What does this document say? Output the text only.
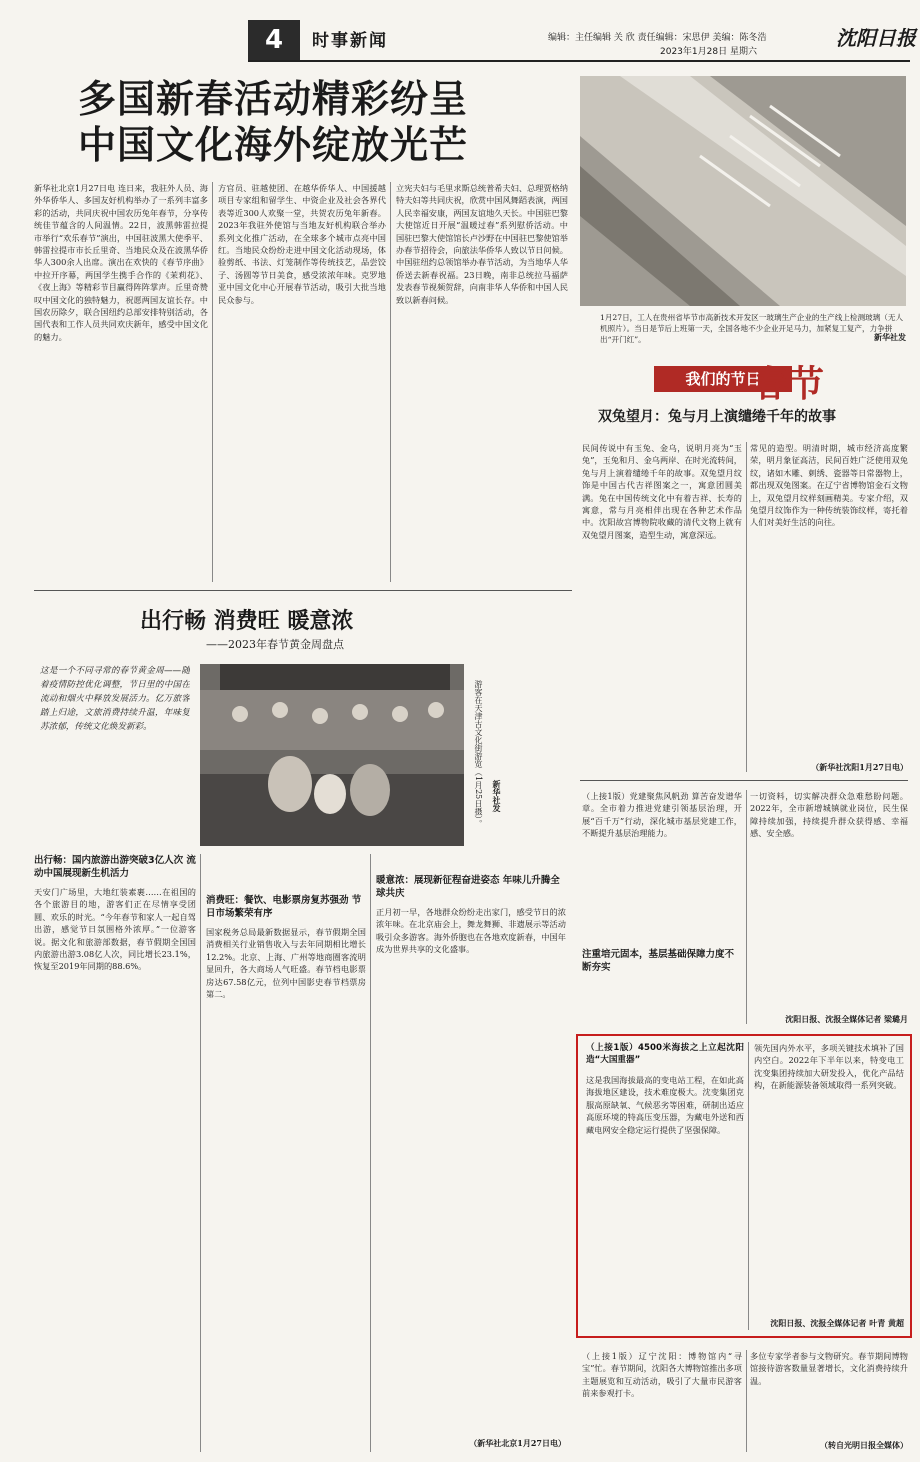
4	时事新闻	编辑：主任编辑 关 欣 责任编辑：宋思伊 美编：陈冬浩
2023年1月28日 星期六
沈阳日报
多国新春活动精彩纷呈
中国文化海外绽放光芒
新华社北京1月27日电 连日来，我驻外人员、海外华侨华人、多国友好机构举办了一系列丰富多彩的活动，共同庆祝中国农历兔年春节，分享传统佳节蕴含的人间温情。22日，波黑韩雷拉提市举行“欢乐春节”演出，中国驻波黑大使季平、韩雷拉提市市长丘里奇、当地民众及在波黑华侨华人300余人出席。演出在欢快的《春节序曲》中拉开序幕，两国学生携手合作的《茉莉花》、《夜上海》等精彩节目赢得阵阵掌声。丘里奇赞叹中国文化的独特魅力，祝愿两国友谊长存。中国农历除夕，联合国纽约总部安排特别活动，各国代表和工作人员共同欢庆新年，感受中国文化的魅力。
方官员、驻越使团、在越华侨华人、中国援越项目专家组和留学生、中资企业及社会各界代表等近300人欢聚一堂，共贺农历兔年新春。2023年我驻外使馆与当地友好机构联合举办系列文化推广活动，在全球多个城市点亮中国红。当地民众纷纷走进中国文化活动现场，体验剪纸、书法、灯笼制作等传统技艺，品尝饺子、汤圆等节日美食，感受浓浓年味。克罗地亚中国文化中心开展春节活动，吸引大批当地民众参与。
立宪夫妇与毛里求斯总统普希夫妇、总理贾格纳特夫妇等共同庆祝，欣赏中国风舞蹈表演，两国人民幸福安康，两国友谊地久天长。中国驻巴黎大使馆近日开展“温暖过春”系列慰侨活动。中国驻巴黎大使馆馆长卢沙野在中国驻巴黎使馆举办春节招待会，向旅法华侨华人致以节日问候。中国驻纽约总领馆举办春节活动，为当地华人华侨送去新春祝福。23日晚，南非总统拉马福萨发表春节视频贺辞，向南非华人华侨和中国人民致以新春问候。
1月27日，工人在贵州省毕节市高新技术开发区一玻璃生产企业的生产线上检测玻璃（无人机照片）。当日是节后上班第一天，全国各地不少企业开足马力，加紧复工复产，力争拼出“开门红”。	新华社发
我们的节日
春节
双兔望月：兔与月上演缱绻千年的故事
民间传说中有玉兔、金乌，说明月亮为“玉兔”，玉兔和月、金乌两岸、在时光流转间，兔与月上演着缱绻千年的故事。双兔望月纹饰是中国古代吉祥图案之一，寓意团圆美满。兔在中国传统文化中有着吉祥、长寿的寓意，常与月亮相伴出现在各种艺术作品中。沈阳故宫博物院收藏的清代文物上就有双兔望月图案，造型生动，寓意深远。
常见的造型。明清时期，城市经济高度繁荣，明月象征高洁，民间百姓广泛使用双兔纹，诸如木雕、刺绣、瓷器等日常器物上，都出现双兔图案。在辽宁省博物馆金石文物上，双兔望月纹样刻画精美。专家介绍，双兔望月纹饰作为一种传统装饰纹样，寄托着人们对美好生活的向往。
（新华社沈阳1月27日电）
出行畅 消费旺 暖意浓
——2023年春节黄金周盘点
这是一个不同寻常的春节黄金周——随着疫情防控优化调整，节日里的中国在流动和烟火中释放发展活力。亿万旅客踏上归途，文旅消费持续升温，年味复苏浓郁，传统文化焕发新彩。	游客在天津古文化街游览（1月25日摄）。	新华社发
出行畅：国内旅游出游突破3亿人次 流动中国展现新生机活力
天安门广场里，大地红装素裹……在祖国的各个旅游目的地，游客们正在尽情享受团圆、欢乐的时光。“今年春节和家人一起自驾出游，感觉节日氛围格外浓厚。”一位游客说。据文化和旅游部数据，春节假期全国国内旅游出游3.08亿人次，同比增长23.1%，恢复至2019年同期的88.6%。
消费旺：餐饮、电影票房复苏强劲 节日市场繁荣有序
国家税务总局最新数据显示，春节假期全国消费相关行业销售收入与去年同期相比增长12.2%。北京、上海、广州等地商圈客流明显回升，各大商场人气旺盛。春节档电影票房达67.58亿元，位列中国影史春节档票房第二。
暖意浓：展现新征程奋进姿态 年味儿升腾全球共庆
正月初一早，各地群众纷纷走出家门，感受节日的浓浓年味。在北京庙会上，舞龙舞狮、非遗展示等活动吸引众多游客。海外侨胞也在各地欢度新春，中国年成为世界共享的文化盛事。
（新华社北京1月27日电）
（上接1版）党建聚焦风帆劲 算苦奋发谱华章。全市着力推进党建引领基层治理，开展“百千万”行动，深化城市基层党建工作，不断提升基层治理能力。
注重培元固本，基层基础保障力度不断夯实
一切资料，切实解决群众急难愁盼问题。2022年，全市新增城镇就业岗位，民生保障持续加强，持续提升群众获得感、幸福感、安全感。
沈阳日报、沈报全媒体记者 梁璐月
（上接1版）4500米海拔之上立起沈阳造“大国重器”
这是我国海拔最高的变电站工程，在如此高海拔地区建设，技术难度极大。沈变集团克服高原缺氧、气候恶劣等困难，研制出适应高原环境的特高压变压器，为藏电外送和西藏电网安全稳定运行提供了坚强保障。
领先国内外水平，多项关键技术填补了国内空白。2022年下半年以来，特变电工沈变集团持续加大研发投入，优化产品结构，在新能源装备领域取得一系列突破。
沈阳日报、沈报全媒体记者 叶青 黄超
（上接1版）辽宁沈阳：博物馆内“寻宝”忙。春节期间，沈阳各大博物馆推出多项主题展览和互动活动，吸引了大量市民游客前来参观打卡。
多位专家学者参与文物研究。春节期间博物馆接待游客数量显著增长，文化消费持续升温。
（转自光明日报全媒体）
